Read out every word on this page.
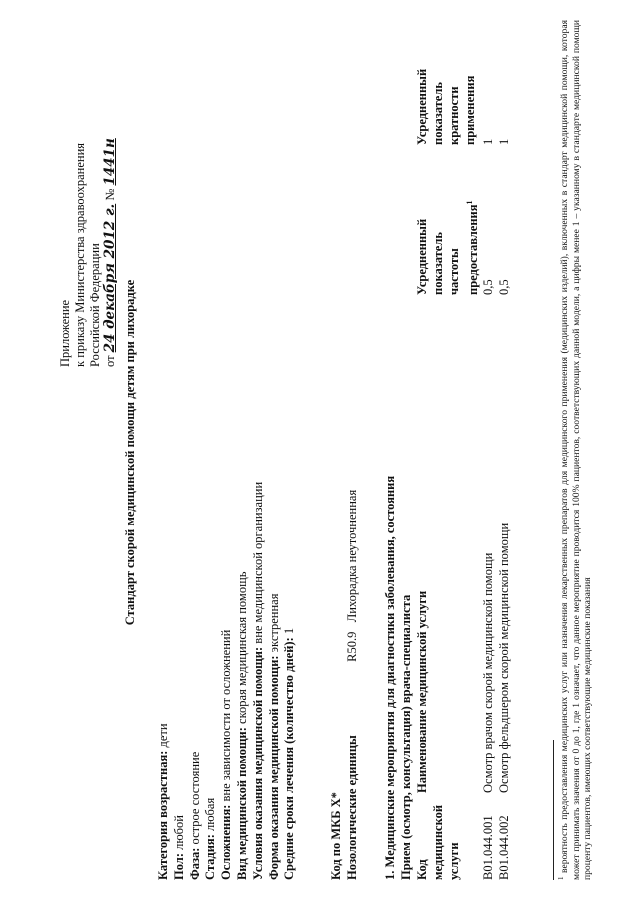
Приложение к приказу Министерства здравоохранения Российской Федерации от 24 декабря 2012 г. № 1441н
Стандарт скорой медицинской помощи детям при лихорадке
Категория возрастная: дети
Пол: любой
Фаза: острое состояние
Стадия: любая Осложнения: вне зависимости от осложнений Вид медицинской помощи: скорая медицинская помощь Условия оказания медицинской помощи: вне медицинской организации
Форма оказания медицинской помощи: экстренная
Средние сроки лечения (количество дней): 1
Код по МКБ X* Нозологические единицы R50.9   Лихорадка неуточненная 1. Медицинские мероприятия для диагностики заболевания, состояния Прием (осмотр, консультация) врача-специалиста Код медицинской услуги
Наименование медицинской услуги
Усредненный показатель частоты предоставления$^1$
Усредненный показатель кратности применения
B01.044.001
Осмотр врачом скорой медицинской помощи
0,5
1
B01.044.002
Осмотр фельдшером скорой медицинской помощи
0,5
1
$^1$ вероятность предоставления медицинских услуг или назначения лекарственных препаратов для медицинского применения (медицинских изделий), включенных в стандарт медицинской помощи, которая может принимать значения от 0 до 1, где 1 означает, что данное мероприятие проводится 100% пациентов, соответствующих данной модели, а цифры менее 1 – указанному в стандарте медицинской помощи проценту пациентов, имеющих соответствующие медицинские показания
